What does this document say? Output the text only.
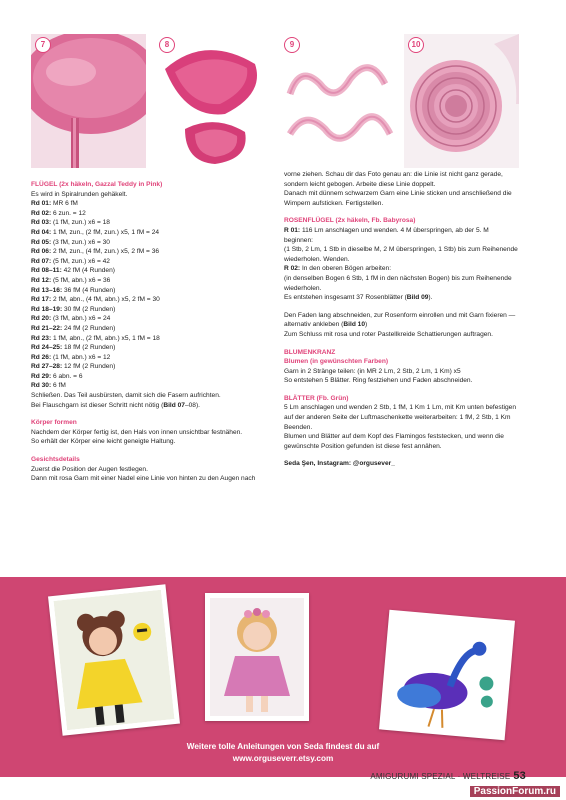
7	8	9	10

FLÜGEL (2x häkeln, Gazzal Teddy in Pink)

Es wird in Spiralrunden gehäkelt.

Rd 01: MR 6 fM

Rd 02: 6 zun. = 12

Rd 03: (1 fM, zun.) x6 = 18

Rd 04: 1 fM, zun., (2 fM, zun.) x5, 1 fM = 24

Rd 05: (3 fM, zun.) x6 = 30

Rd 06: 2 fM, zun., (4 fM, zun.) x5, 2 fM = 36

Rd 07: (5 fM, zun.) x6 = 42

Rd 08–11: 42 fM (4 Runden)

Rd 12: (5 fM, abn.) x6 = 36

Rd 13–16: 36 fM (4 Runden)

Rd 17: 2 fM, abn., (4 fM, abn.) x5, 2 fM = 30

Rd 18–19: 30 fM (2 Runden)

Rd 20: (3 fM, abn.) x6 = 24

Rd 21–22: 24 fM (2 Runden)

Rd 23: 1 fM, abn., (2 fM, abn.) x5, 1 fM = 18

Rd 24–25: 18 fM (2 Runden)

Rd 26: (1 fM, abn.) x6 = 12

Rd 27–28: 12 fM (2 Runden)

Rd 29: 6 abn. = 6

Rd 30: 6 fM

Schließen. Das Teil ausbürsten, damit sich die Fasern aufrichten.

Bei Flauschgarn ist dieser Schritt nicht nötig (Bild 07–08).

Körper formen

Nachdem der Körper fertig ist, den Hals von innen unsichtbar festnähen.

So erhält der Körper eine leicht geneigte Haltung.

Gesichtsdetails

Zuerst die Position der Augen festlegen.

Dann mit rosa Garn mit einer Nadel eine Linie von hinten zu den Augen nach

vorne ziehen. Schau dir das Foto genau an: die Linie ist nicht ganz gerade,

sondern leicht gebogen. Arbeite diese Linie doppelt.

Danach mit dünnem schwarzem Garn eine Linie sticken und anschließend die

Wimpern aufsticken. Fertigstellen.

ROSENFLÜGEL (2x häkeln, Fb. Babyrosa)

R 01: 116 Lm anschlagen und wenden. 4 M überspringen, ab der 5. M

beginnen:

(1 Stb, 2 Lm, 1 Stb in dieselbe M, 2 M überspringen, 1 Stb) bis zum Reihenende

wiederholen. Wenden.

R 02: In den oberen Bögen arbeiten:

(in denselben Bogen 6 Stb, 1 fM in den nächsten Bogen) bis zum Reihenende

wiederholen.

Es entstehen insgesamt 37 Rosenblätter (Bild 09).

Den Faden lang abschneiden, zur Rosenform einrollen und mit Garn fixieren —

alternativ ankleben (Bild 10)

Zum Schluss mit rosa und roter Pastellkreide Schattierungen auftragen.

BLUMENKRANZ

Blumen (in gewünschten Farben)

Garn in 2 Stränge teilen: (in MR 2 Lm, 2 Stb, 2 Lm, 1 Km) x5

So entstehen 5 Blätter. Ring festziehen und Faden abschneiden.

BLÄTTER (Fb. Grün)

5 Lm anschlagen und wenden 2 Stb, 1 fM, 1 Km 1 Lm, mit Km unten befestigen

auf der anderen Seite der Luftmaschenkette weiterarbeiten: 1 fM, 2 Stb, 1 Km

Beenden.

Blumen und Blätter auf dem Kopf des Flamingos feststecken, und wenn die

gewünschte Position gefunden ist diese fest annähen.

Seda Şen, Instagram: @orgusever_

Weitere tolle Anleitungen von Seda findest du auf
www.orguseverr.etsy.com
AMIGURUMI SPEZIAL · WELTREISE 53
PassionForum.ru
